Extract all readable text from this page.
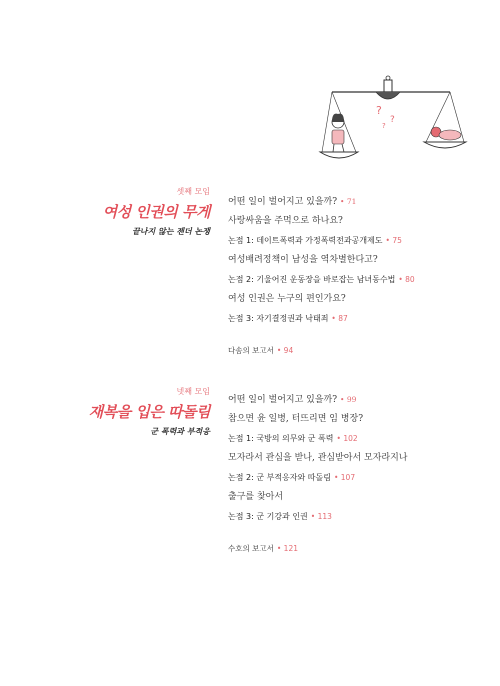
?
?
?
셋째 모임
여성 인권의 무게
끝나지 않는 젠더 논쟁
어떤 일이 벌어지고 있을까? • 71
사랑싸움을 주먹으로 하나요?
논점 1: 데이트폭력과 가정폭력전과공개제도 • 75
여성배려정책이 남성을 역차별한다고?
논점 2: 기울어진 운동장을 바로잡는 남녀동수법 • 80
여성 인권은 누구의 편인가요?
논점 3: 자기결정권과 낙태죄 • 87
다솜의 보고서 • 94
넷째 모임
재복을 입은 따돌림
군 폭력과 부적응
어떤 일이 벌어지고 있을까? • 99
참으면 윤 일병, 터뜨리면 임 병장?
논점 1: 국방의 의무와 군 폭력 • 102
모자라서 관심을 받나, 관심받아서 모자라지나
논점 2: 군 부적응자와 따돌림 • 107
출구를 찾아서
논점 3: 군 기강과 인권 • 113
수호의 보고서 • 121
